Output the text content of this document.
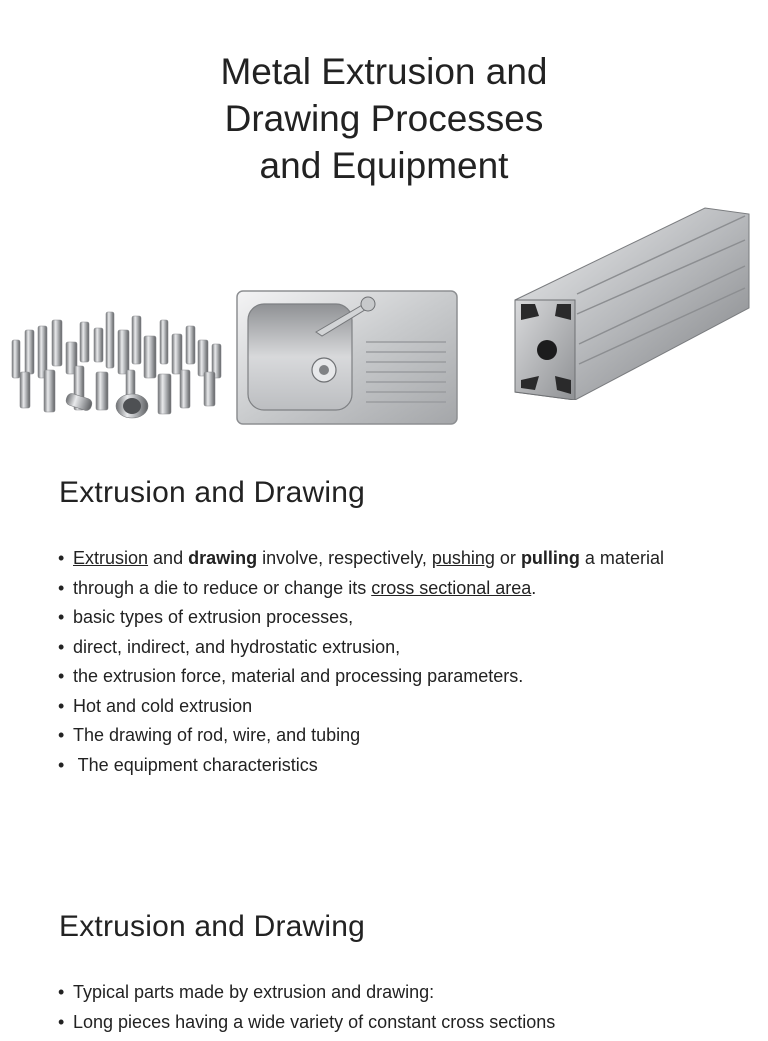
Metal Extrusion and
Drawing Processes
and Equipment
Extrusion and Drawing
• Extrusion and drawing involve, respectively, pushing or pulling a material
• through a die to reduce or change its cross sectional area.
• basic types of extrusion processes,
• direct, indirect, and hydrostatic extrusion,
• the extrusion force, material and processing parameters.
• Hot and cold extrusion
• The drawing of rod, wire, and tubing
• The equipment characteristics
Extrusion and Drawing
• Typical parts made by extrusion and drawing:
• Long pieces having a wide variety of constant cross sections
